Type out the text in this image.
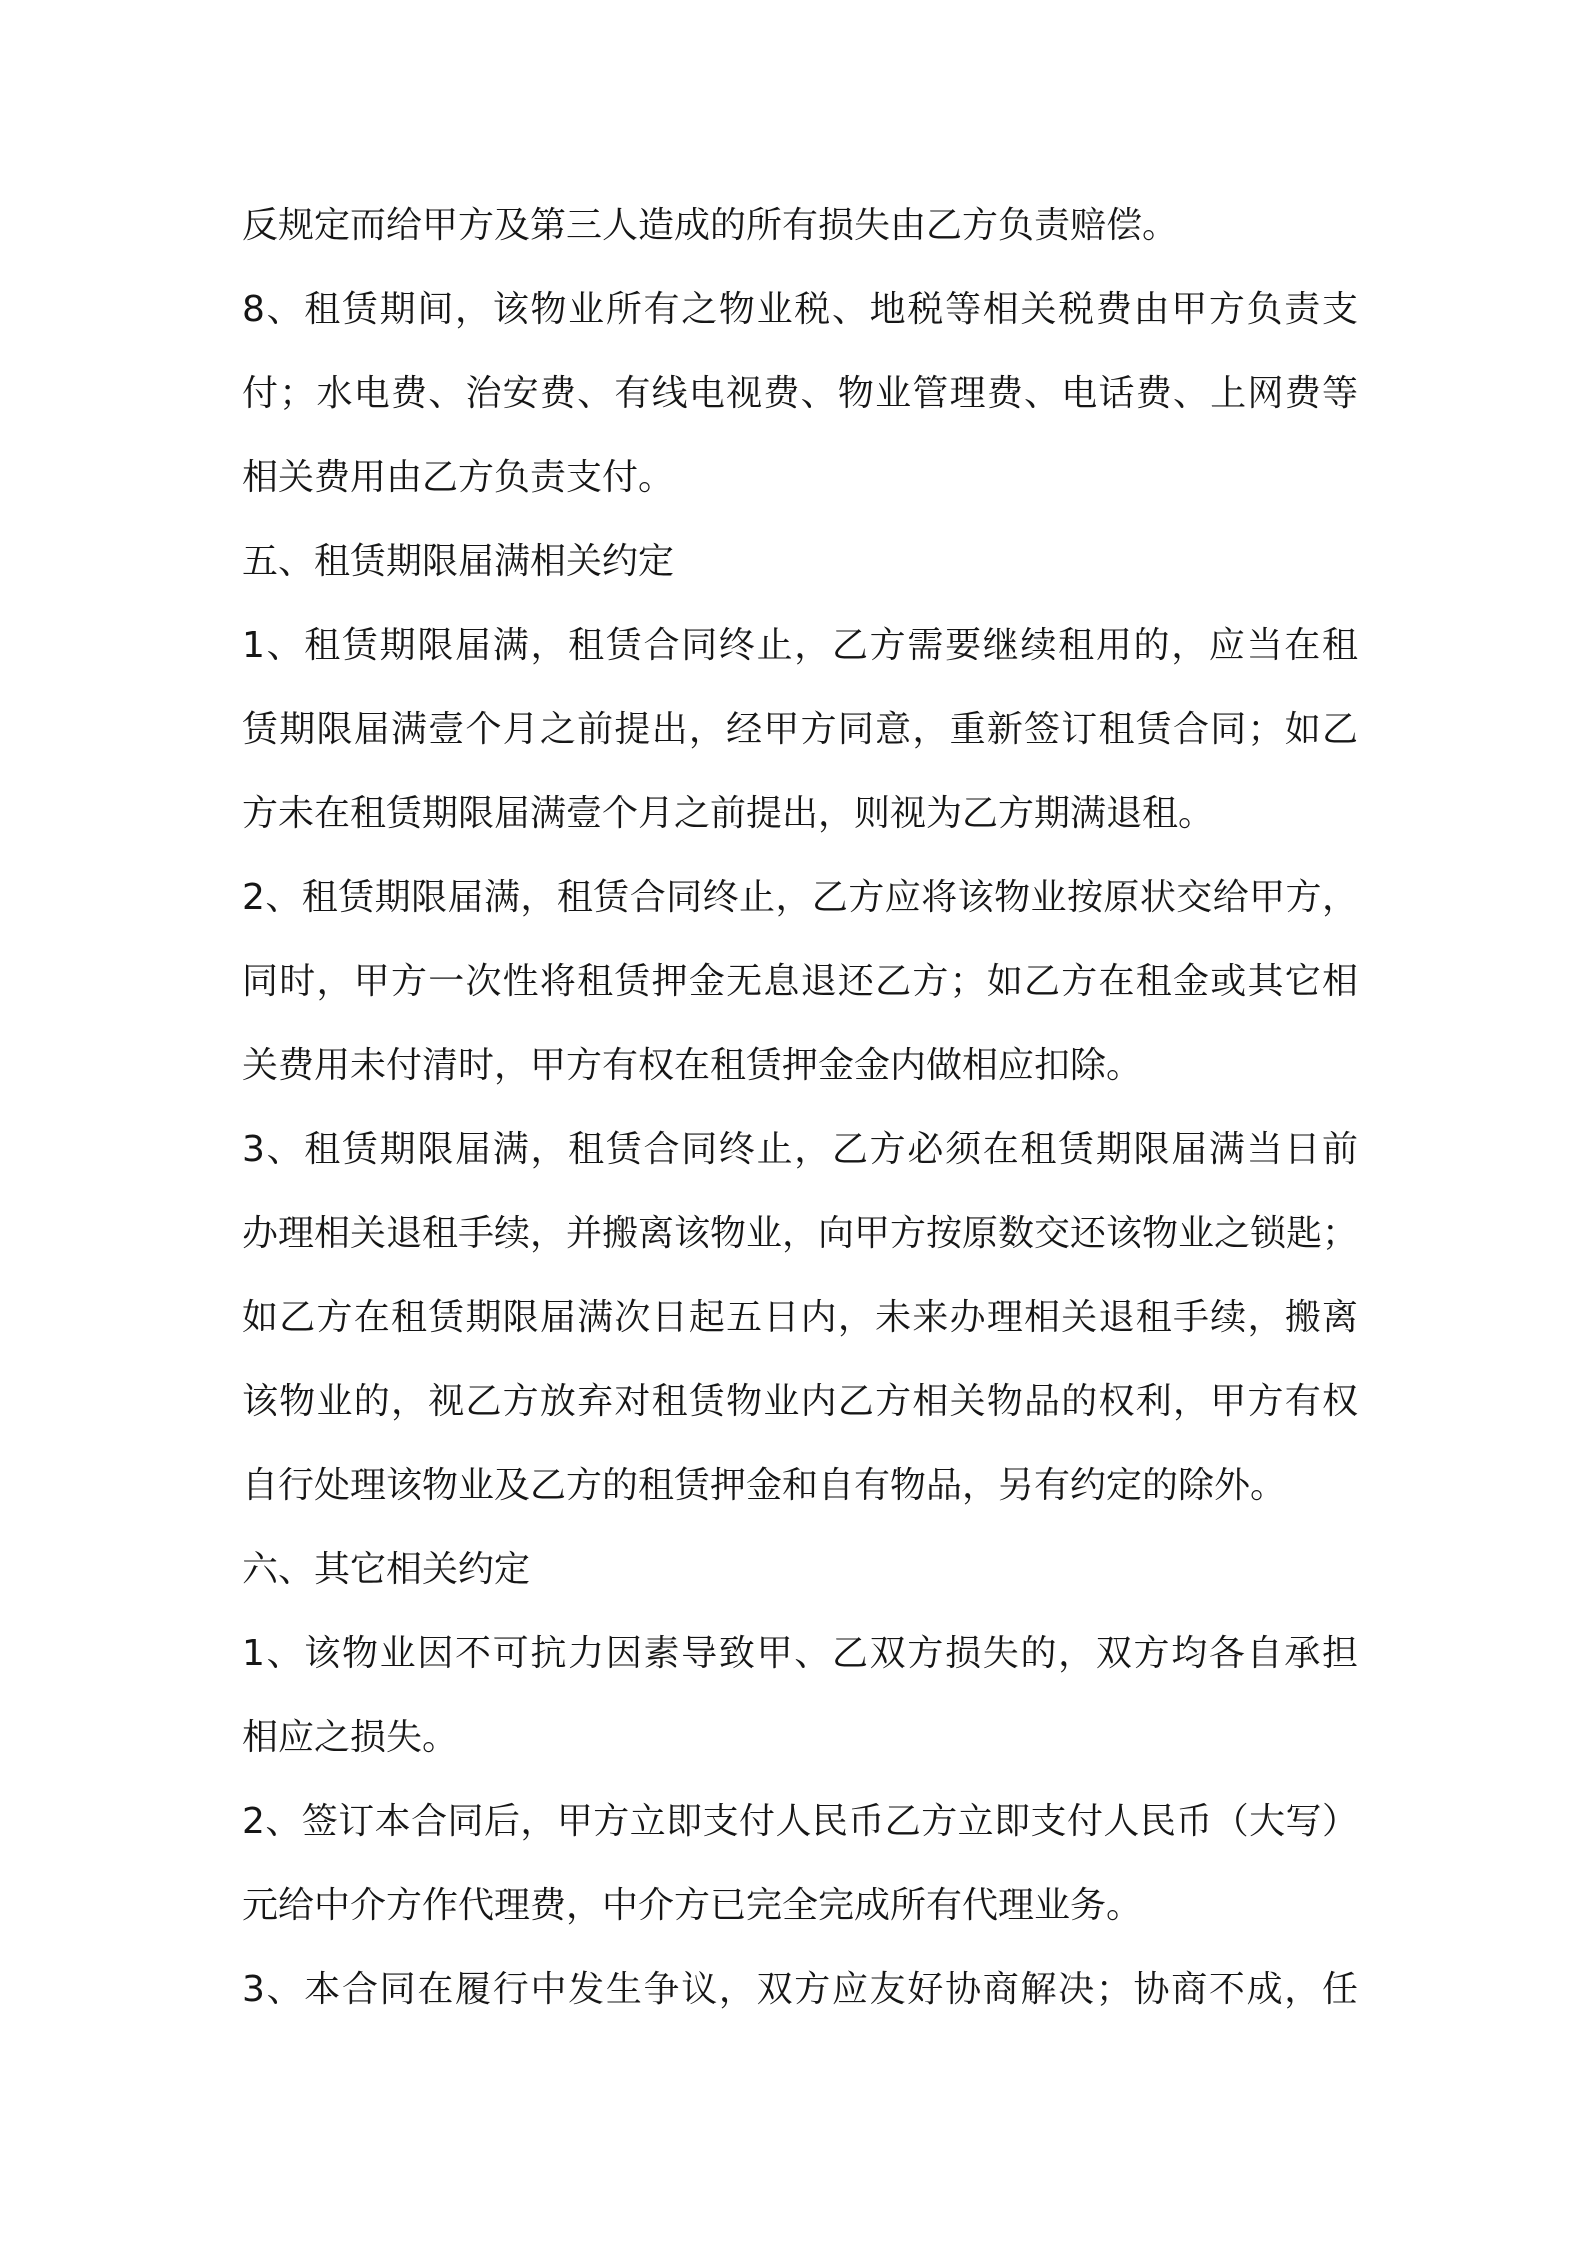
反规定而给甲方及第三人造成的所有损失由乙方负责赔偿。
8、租赁期间，该物业所有之物业税、地税等相关税费由甲方负责支
付；水电费、治安费、有线电视费、物业管理费、电话费、上网费等
相关费用由乙方负责支付。
五、租赁期限届满相关约定
1、租赁期限届满，租赁合同终止，乙方需要继续租用的，应当在租
赁期限届满壹个月之前提出，经甲方同意，重新签订租赁合同；如乙
方未在租赁期限届满壹个月之前提出，则视为乙方期满退租。
2、租赁期限届满，租赁合同终止，乙方应将该物业按原状交给甲方，
同时，甲方一次性将租赁押金无息退还乙方；如乙方在租金或其它相
关费用未付清时，甲方有权在租赁押金金内做相应扣除。
3、租赁期限届满，租赁合同终止，乙方必须在租赁期限届满当日前
办理相关退租手续，并搬离该物业，向甲方按原数交还该物业之锁匙；
如乙方在租赁期限届满次日起五日内，未来办理相关退租手续，搬离
该物业的，视乙方放弃对租赁物业内乙方相关物品的权利，甲方有权
自行处理该物业及乙方的租赁押金和自有物品，另有约定的除外。
六、其它相关约定
1、该物业因不可抗力因素导致甲、乙双方损失的，双方均各自承担
相应之损失。
2、签订本合同后，甲方立即支付人民币乙方立即支付人民币（大写）
元给中介方作代理费，中介方已完全完成所有代理业务。
3、本合同在履行中发生争议，双方应友好协商解决；协商不成，任
